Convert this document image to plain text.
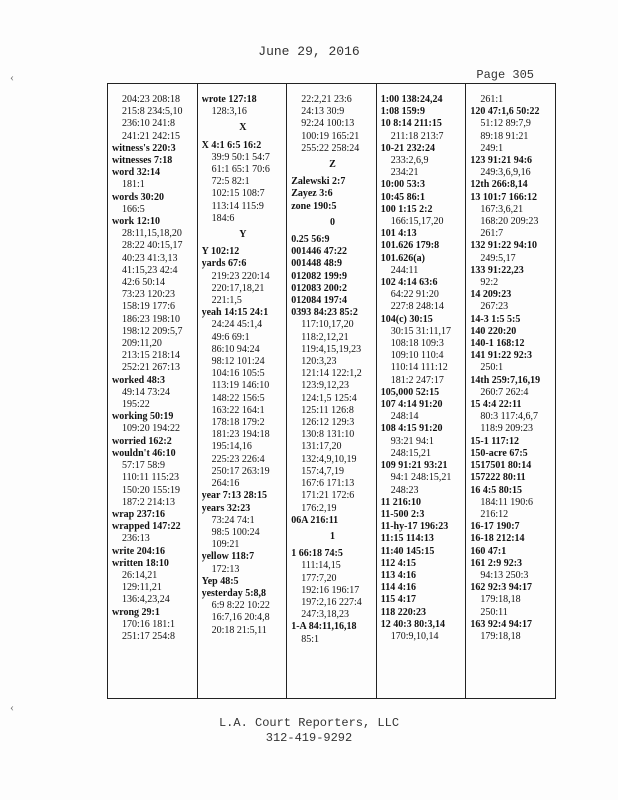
June 29, 2016
Page 305
‹
‹
204:23 208:18
215:8 234:5,10
236:10 241:8
241:21 242:15
witness's 220:3
witnesses 7:18
word 32:14
181:1
words 30:20
166:5
work 12:10
28:11,15,18,20
28:22 40:15,17
40:23 41:3,13
41:15,23 42:4
42:6 50:14
73:23 120:23
158:19 177:6
186:23 198:10
198:12 209:5,7
209:11,20
213:15 218:14
252:21 267:13
worked 48:3
49:14 73:24
195:22
working 50:19
109:20 194:22
worried 162:2
wouldn't 46:10
57:17 58:9
110:11 115:23
150:20 155:19
187:2 214:13
wrap 237:16
wrapped 147:22
236:13
write 204:16
written 18:10
26:14,21
129:11,21
136:4,23,24
wrong 29:1
170:16 181:1
251:17 254:8
wrote 127:18
128:3,16
X
X 4:1 6:5 16:2
39:9 50:1 54:7
61:1 65:1 70:6
72:5 82:1
102:15 108:7
113:14 115:9
184:6
Y
Y 102:12
yards 67:6
219:23 220:14
220:17,18,21
221:1,5
yeah 14:15 24:1
24:24 45:1,4
49:6 69:1
86:10 94:24
98:12 101:24
104:16 105:5
113:19 146:10
148:22 156:5
163:22 164:1
178:18 179:2
181:23 194:18
195:14,16
225:23 226:4
250:17 263:19
264:16
year 7:13 28:15
years 32:23
73:24 74:1
98:5 100:24
109:21
yellow 118:7
172:13
Yep 48:5
yesterday 5:8,8
6:9 8:22 10:22
16:7,16 20:4,8
20:18 21:5,11
22:2,21 23:6
24:13 30:9
92:24 100:13
100:19 165:21
255:22 258:24
Z
Zalewski 2:7
Zayez 3:6
zone 190:5
0
0.25 56:9
001446 47:22
001448 48:9
012082 199:9
012083 200:2
012084 197:4
0393 84:23 85:2
117:10,17,20
118:2,12,21
119:4,15,19,23
120:3,23
121:14 122:1,2
123:9,12,23
124:1,5 125:4
125:11 126:8
126:12 129:3
130:8 131:10
131:17,20
132:4,9,10,19
157:4,7,19
167:6 171:13
171:21 172:6
176:2,19
06A 216:11
1
1 66:18 74:5
111:14,15
177:7,20
192:16 196:17
197:2,16 227:4
247:3,18,23
1-A 84:11,16,18
85:1
1:00 138:24,24
1:08 159:9
10 8:14 211:15
211:18 213:7
10-21 232:24
233:2,6,9
234:21
10:00 53:3
10:45 86:1
100 1:15 2:2
166:15,17,20
101 4:13
101.626 179:8
101.626(a)
244:11
102 4:14 63:6
64:22 91:20
227:8 248:14
104(c) 30:15
30:15 31:11,17
108:18 109:3
109:10 110:4
110:14 111:12
181:2 247:17
105,000 52:15
107 4:14 91:20
248:14
108 4:15 91:20
93:21 94:1
248:15,21
109 91:21 93:21
94:1 248:15,21
248:23
11 216:10
11-500 2:3
11-hy-17 196:23
11:15 114:13
11:40 145:15
112 4:15
113 4:16
114 4:16
115 4:17
118 220:23
12 40:3 80:3,14
170:9,10,14
261:1
120 47:1,6 50:22
51:12 89:7,9
89:18 91:21
249:1
123 91:21 94:6
249:3,6,9,16
12th 266:8,14
13 101:7 166:12
167:3,6,21
168:20 209:23
261:7
132 91:22 94:10
249:5,17
133 91:22,23
92:2
14 209:23
267:23
14-3 1:5 5:5
140 220:20
140-1 168:12
141 91:22 92:3
250:1
14th 259:7,16,19
260:7 262:4
15 4:4 22:11
80:3 117:4,6,7
118:9 209:23
15-1 117:12
150-acre 67:5
1517501 80:14
157222 80:11
16 4:5 80:15
184:11 190:6
216:12
16-17 190:7
16-18 212:14
160 47:1
161 2:9 92:3
94:13 250:3
162 92:3 94:17
179:18,18
250:11
163 92:4 94:17
179:18,18
L.A. Court Reporters, LLC
312-419-9292
